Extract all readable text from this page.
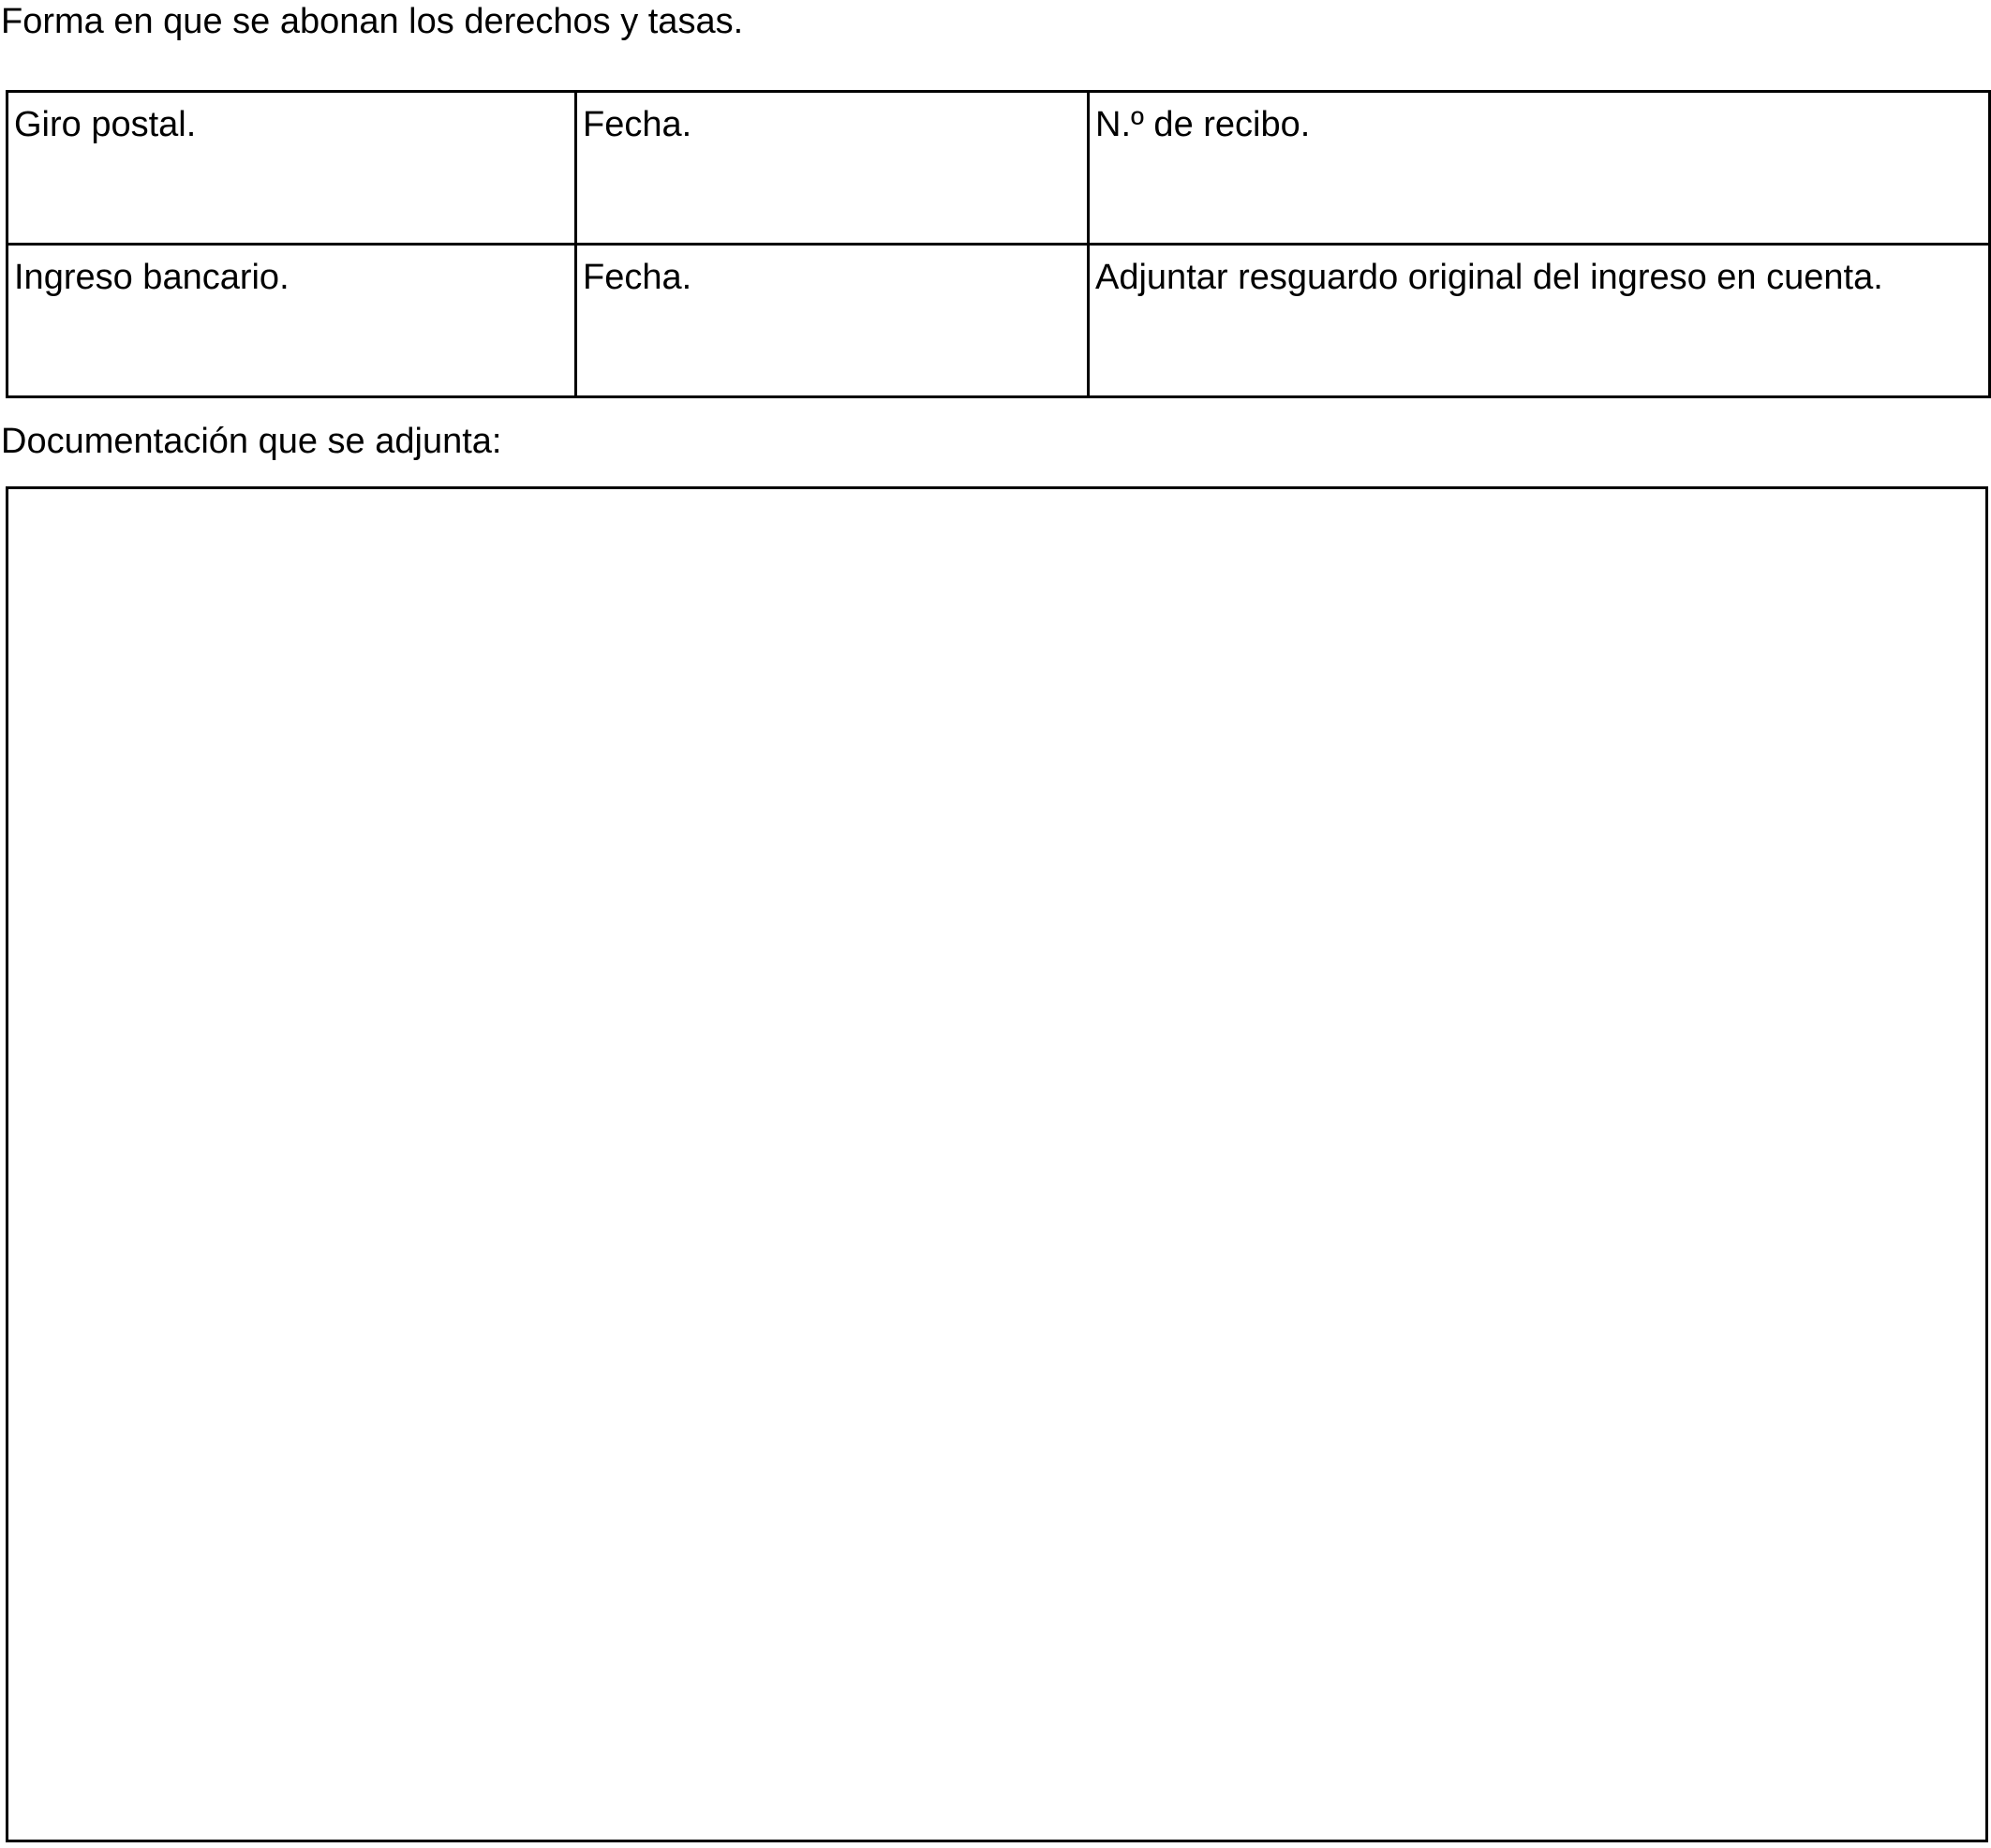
Forma en que se abonan los derechos y tasas.
Giro postal.	Fecha.	N.º de recibo.
Ingreso bancario.	Fecha.	Adjuntar resguardo original del ingreso en cuenta.
Documentación que se adjunta:
